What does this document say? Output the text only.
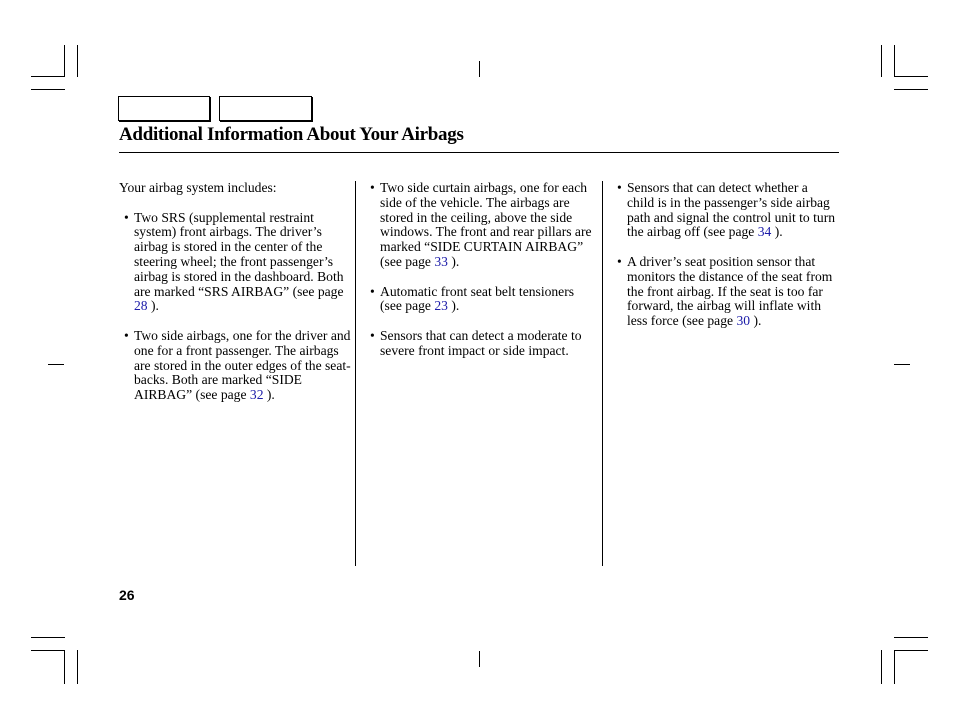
Additional Information About Your Airbags

Your airbag system includes:

• Two SRS (supplemental restraint system) front airbags. The driver’s airbag is stored in the center of the steering wheel; the front passenger’s airbag is stored in the dashboard. Both are marked “SRS AIRBAG” (see page 28 ).
• Two side airbags, one for the driver and one for a front passenger. The airbags are stored in the outer edges of the seat-backs. Both are marked “SIDE AIRBAG” (see page 32 ).
• Two side curtain airbags, one for each side of the vehicle. The airbags are stored in the ceiling, above the side windows. The front and rear pillars are marked “SIDE CURTAIN AIRBAG” (see page 33 ).
• Automatic front seat belt tensioners (see page 23 ).
• Sensors that can detect a moderate to severe front impact or side impact.
• Sensors that can detect whether a child is in the passenger’s side airbag path and signal the control unit to turn the airbag off (see page 34 ).
• A driver’s seat position sensor that monitors the distance of the seat from the front airbag. If the seat is too far forward, the airbag will inflate with less force (see page 30 ).
26
